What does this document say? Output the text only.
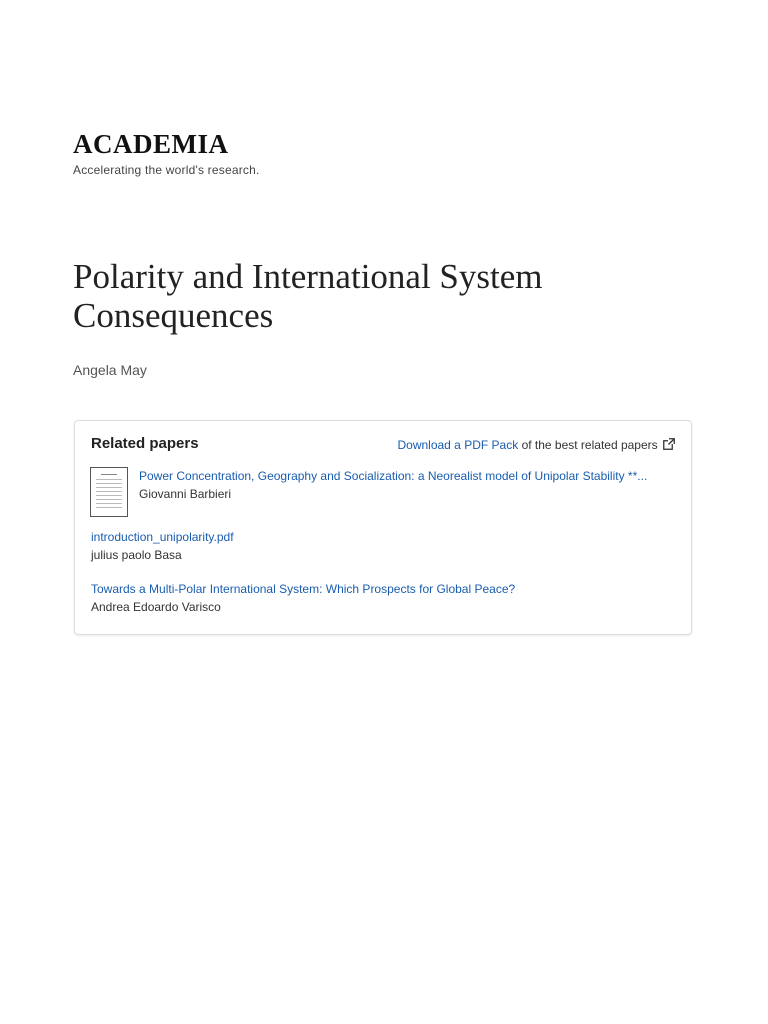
ACADEMIA
Accelerating the world's research.
Polarity and International System Consequences
Angela May
Related papers	Download a PDF Pack of the best related papers
Power Concentration, Geography and Socialization: a Neorealist model of Unipolar Stability **...
Giovanni Barbieri
introduction_unipolarity.pdf
julius paolo Basa
Towards a Multi-Polar International System: Which Prospects for Global Peace?
Andrea Edoardo Varisco
